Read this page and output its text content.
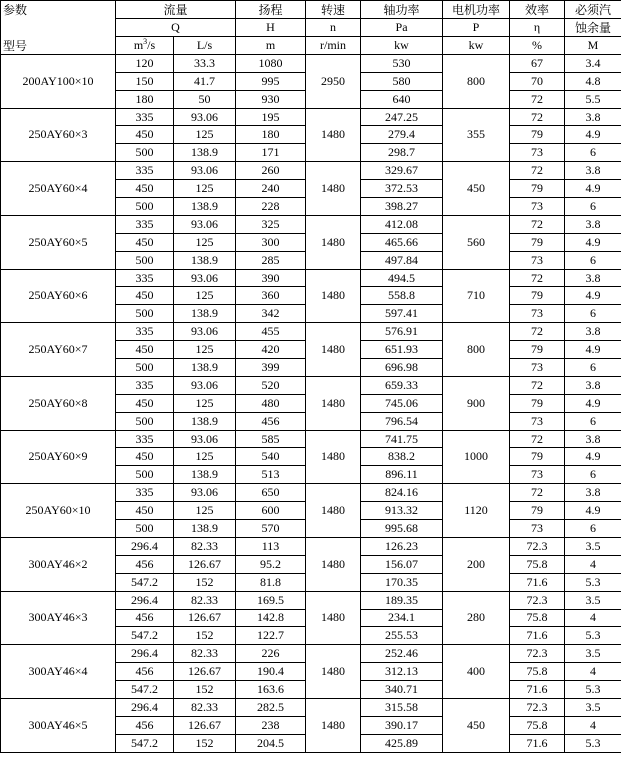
参数	流量		扬程	转速	轴功率	电机功率	效率	必须汽
	Q		H	n	Pa	P	η	蚀余量

型号	$m^3/s$	L/s	m	r/min	kw	kw	%	M
200AY100×10	120	33.3	1080	2950	530	800	67	3.4
	150	41.7	995		580		70	4.8
	180	50	930		640		72	5.5
250AY60×3	335	93.06	195	1480	247.25	355	72	3.8
	450	125	180		279.4		79	4.9
	500	138.9	171		298.7		73	6
250AY60×4	335	93.06	260	1480	329.67	450	72	3.8
	450	125	240		372.53		79	4.9
	500	138.9	228		398.27		73	6
250AY60×5	335	93.06	325	1480	412.08	560	72	3.8
	450	125	300		465.66		79	4.9
	500	138.9	285		497.84		73	6
250AY60×6	335	93.06	390	1480	494.5	710	72	3.8
	450	125	360		558.8		79	4.9
	500	138.9	342		597.41		73	6
250AY60×7	335	93.06	455	1480	576.91	800	72	3.8
	450	125	420		651.93		79	4.9
	500	138.9	399		696.98		73	6
250AY60×8	335	93.06	520	1480	659.33	900	72	3.8
	450	125	480		745.06		79	4.9
	500	138.9	456		796.54		73	6
250AY60×9	335	93.06	585	1480	741.75	1000	72	3.8
	450	125	540		838.2		79	4.9
	500	138.9	513		896.11		73	6
250AY60×10	335	93.06	650	1480	824.16	1120	72	3.8
	450	125	600		913.32		79	4.9
	500	138.9	570		995.68		73	6
300AY46×2	296.4	82.33	113	1480	126.23	200	72.3	3.5
	456	126.67	95.2		156.07		75.8	4
	547.2	152	81.8		170.35		71.6	5.3
300AY46×3	296.4	82.33	169.5	1480	189.35	280	72.3	3.5
	456	126.67	142.8		234.1		75.8	4
	547.2	152	122.7		255.53		71.6	5.3
300AY46×4	296.4	82.33	226	1480	252.46	400	72.3	3.5
	456	126.67	190.4		312.13		75.8	4
	547.2	152	163.6		340.71		71.6	5.3
300AY46×5	296.4	82.33	282.5	1480	315.58	450	72.3	3.5
	456	126.67	238		390.17		75.8	4
	547.2	152	204.5		425.89		71.6	5.3
